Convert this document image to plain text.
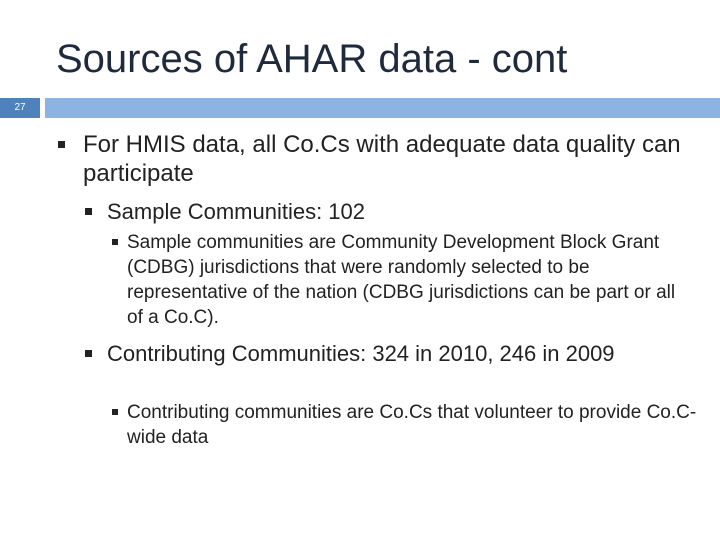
Sources of AHAR data - cont
27
For HMIS data, all Co.Cs with adequate data quality can participate
Sample Communities: 102
Sample communities are Community Development Block Grant (CDBG) jurisdictions that were randomly selected to be representative of the nation (CDBG jurisdictions can be part or all of a Co.C).
Contributing Communities: 324 in 2010, 246 in 2009
Contributing communities are Co.Cs that volunteer to provide Co.C-wide data
